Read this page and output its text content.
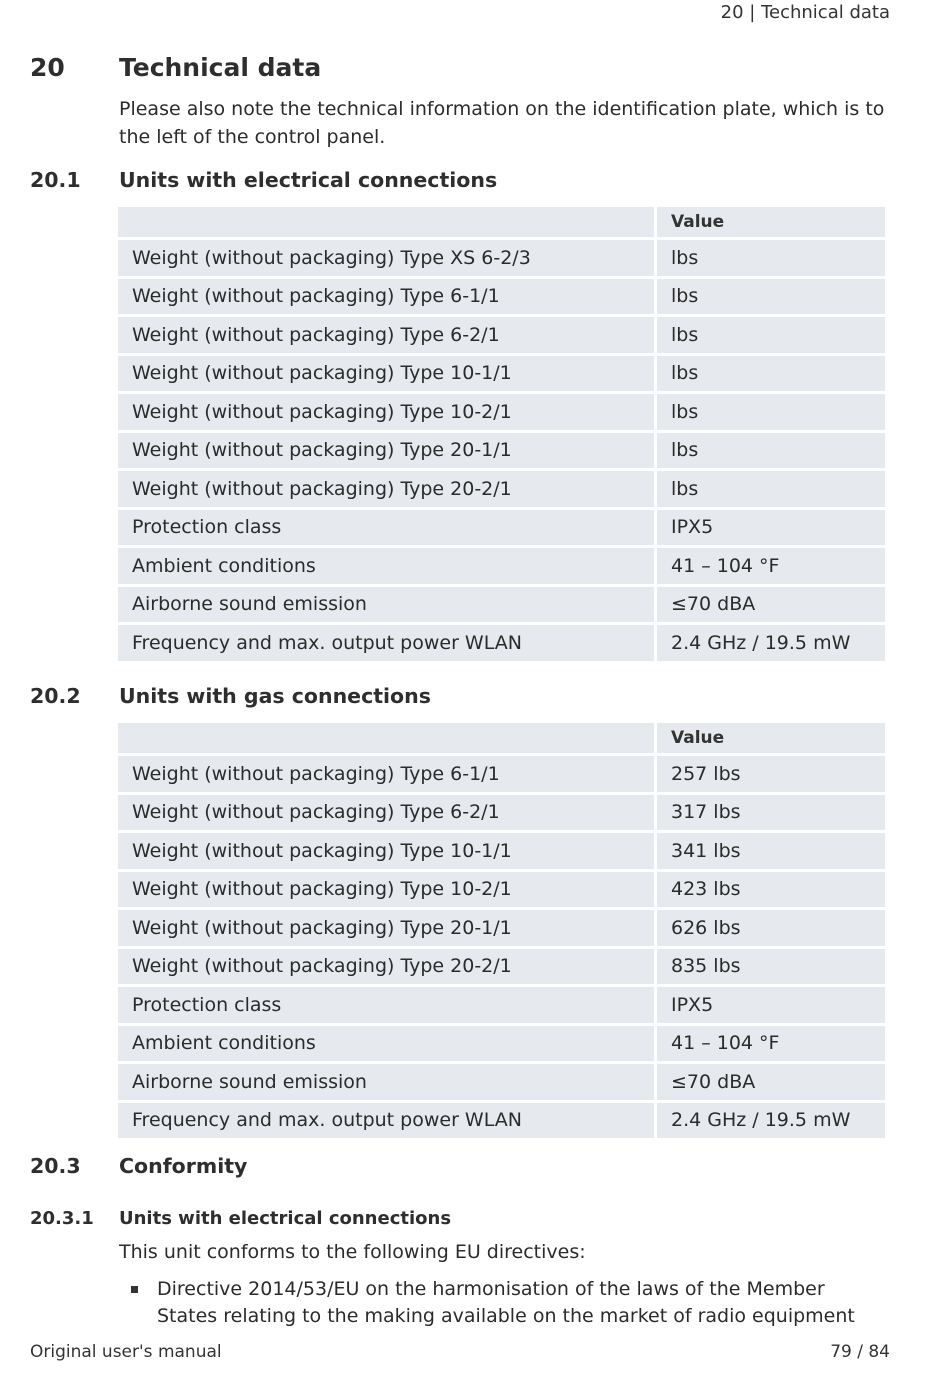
20 | Technical data
20 Technical data
Please also note the technical information on the identification plate, which is to the left of the control panel.
20.1 Units with electrical connections
	Value
Weight (without packaging) Type XS 6-2/3	lbs
Weight (without packaging) Type 6-1/1	lbs
Weight (without packaging) Type 6-2/1	lbs
Weight (without packaging) Type 10-1/1	lbs
Weight (without packaging) Type 10-2/1	lbs
Weight (without packaging) Type 20-1/1	lbs
Weight (without packaging) Type 20-2/1	lbs
Protection class	IPX5
Ambient conditions	41 – 104 °F
Airborne sound emission	≤70 dBA
Frequency and max. output power WLAN	2.4 GHz / 19.5 mW
20.2 Units with gas connections
	Value
Weight (without packaging) Type 6-1/1	257 lbs
Weight (without packaging) Type 6-2/1	317 lbs
Weight (without packaging) Type 10-1/1	341 lbs
Weight (without packaging) Type 10-2/1	423 lbs
Weight (without packaging) Type 20-1/1	626 lbs
Weight (without packaging) Type 20-2/1	835 lbs
Protection class	IPX5
Ambient conditions	41 – 104 °F
Airborne sound emission	≤70 dBA
Frequency and max. output power WLAN	2.4 GHz / 19.5 mW
20.3 Conformity
20.3.1 Units with electrical connections
This unit conforms to the following EU directives:
Directive 2014/53/EU on the harmonisation of the laws of the Member States relating to the making available on the market of radio equipment
Original user's manual	79 / 84
